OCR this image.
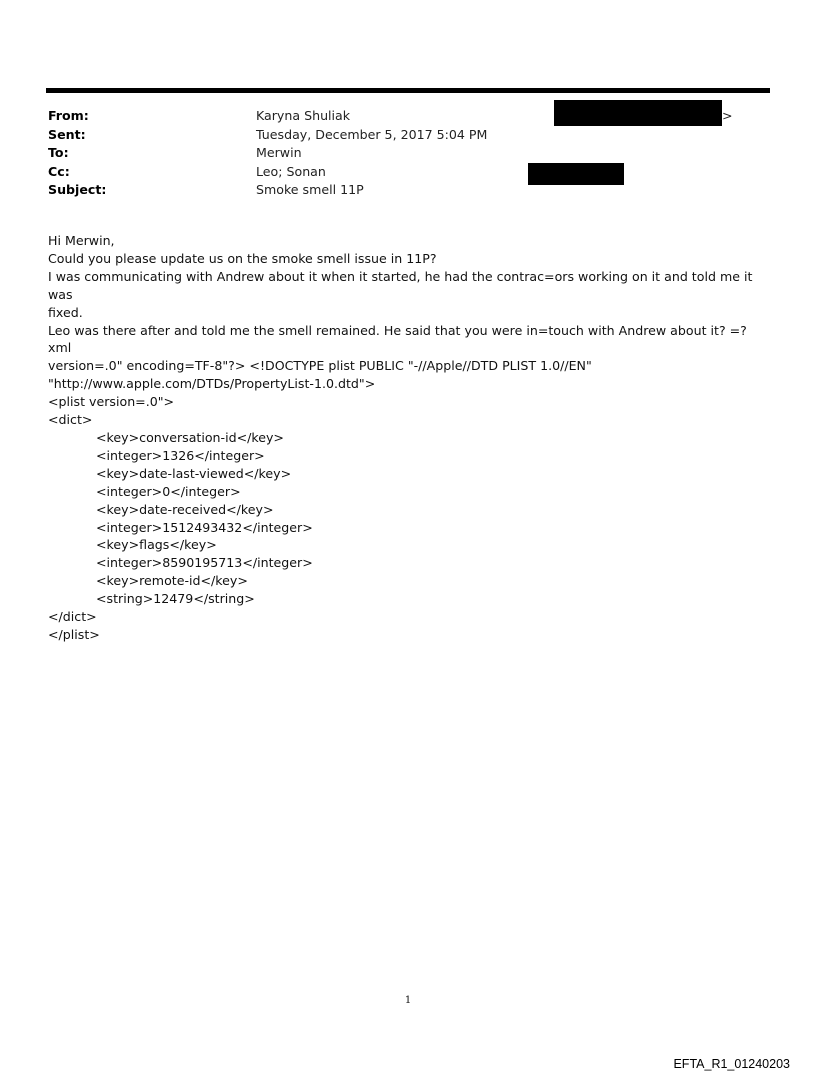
From:	Karyna Shuliak	>
Sent:	Tuesday, December 5, 2017 5:04 PM
To:	Merwin
Cc:	Leo; Sonan
Subject:	Smoke smell 11P

Hi Merwin,

Could you please update us on the smoke smell issue in 11P?

I was communicating with Andrew about it when it started, he had the contrac=ors working on it and told me it was

fixed.

Leo was there after and told me the smell remained. He said that you were in=touch with Andrew about it? =?xml

version=.0" encoding=TF-8"?> <!DOCTYPE plist PUBLIC "-//Apple//DTD PLIST 1.0//EN"

"http://www.apple.com/DTDs/PropertyList-1.0.dtd">

<plist version=.0">

<dict>

<key>conversation-id</key>

<integer>1326</integer>

<key>date-last-viewed</key>

<integer>0</integer>

<key>date-received</key>

<integer>1512493432</integer>

<key>flags</key>

<integer>8590195713</integer>

<key>remote-id</key>

<string>12479</string>

</dict>

</plist>

1
EFTA_R1_01240203
